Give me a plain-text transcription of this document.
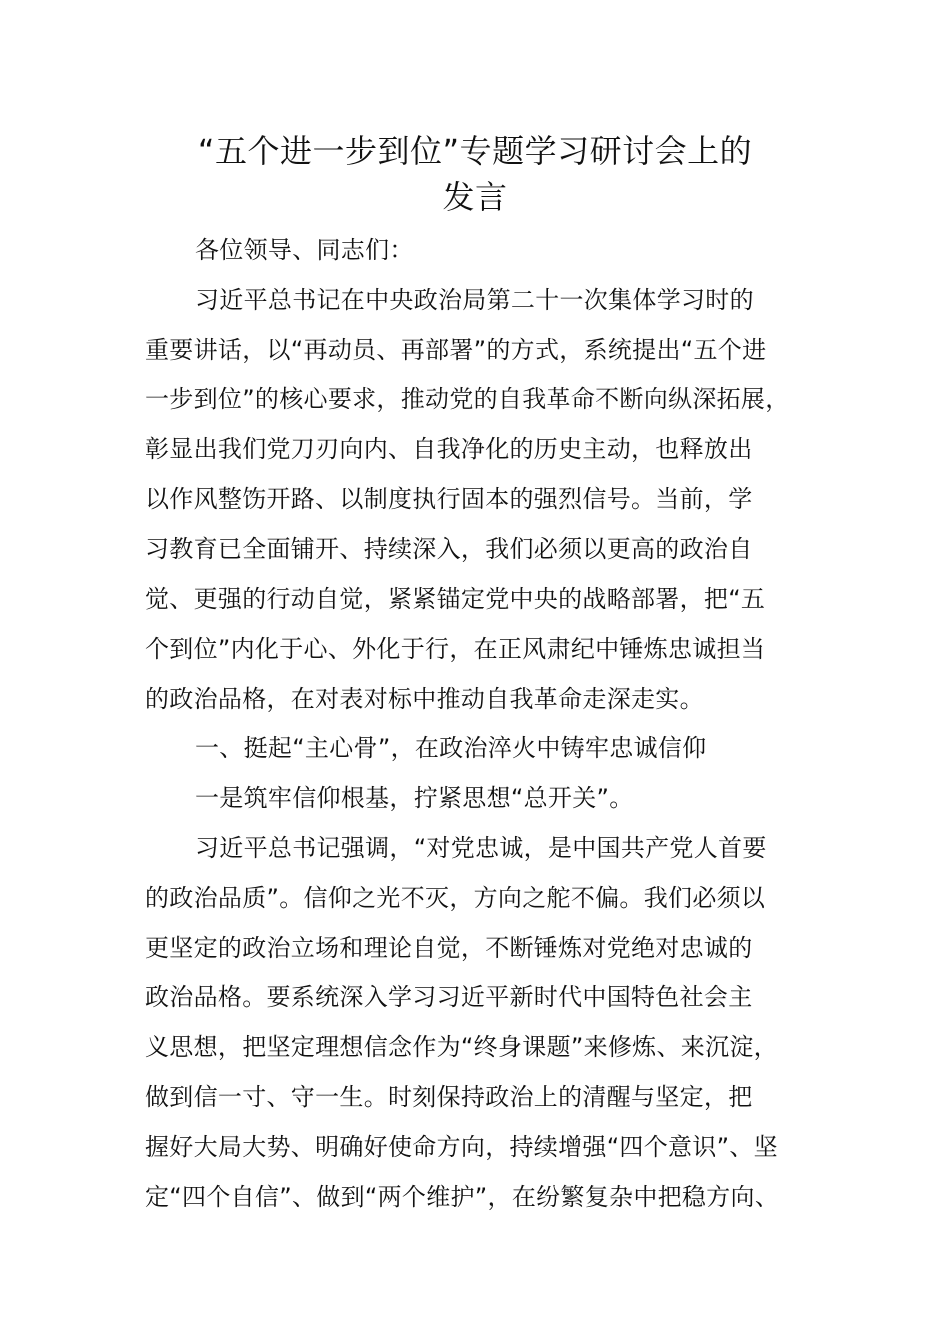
“五个进一步到位”专题学习研讨会上的
发言
各位领导、同志们：
习近平总书记在中央政治局第二十一次集体学习时的
重要讲话，以“再动员、再部署”的方式，系统提出“五个进
一步到位”的核心要求，推动党的自我革命不断向纵深拓展，
彰显出我们党刀刃向内、自我净化的历史主动，也释放出
以作风整饬开路、以制度执行固本的强烈信号。当前，学
习教育已全面铺开、持续深入，我们必须以更高的政治自
觉、更强的行动自觉，紧紧锚定党中央的战略部署，把“五
个到位”内化于心、外化于行，在正风肃纪中锤炼忠诚担当
的政治品格，在对表对标中推动自我革命走深走实。
一、挺起“主心骨”，在政治淬火中铸牢忠诚信仰
一是筑牢信仰根基，拧紧思想“总开关”。
习近平总书记强调，“对党忠诚，是中国共产党人首要
的政治品质”。信仰之光不灭，方向之舵不偏。我们必须以
更坚定的政治立场和理论自觉，不断锤炼对党绝对忠诚的
政治品格。要系统深入学习习近平新时代中国特色社会主
义思想，把坚定理想信念作为“终身课题”来修炼、来沉淀，
做到信一寸、守一生。时刻保持政治上的清醒与坚定，把
握好大局大势、明确好使命方向，持续增强“四个意识”、坚
定“四个自信”、做到“两个维护”，在纷繁复杂中把稳方向、
